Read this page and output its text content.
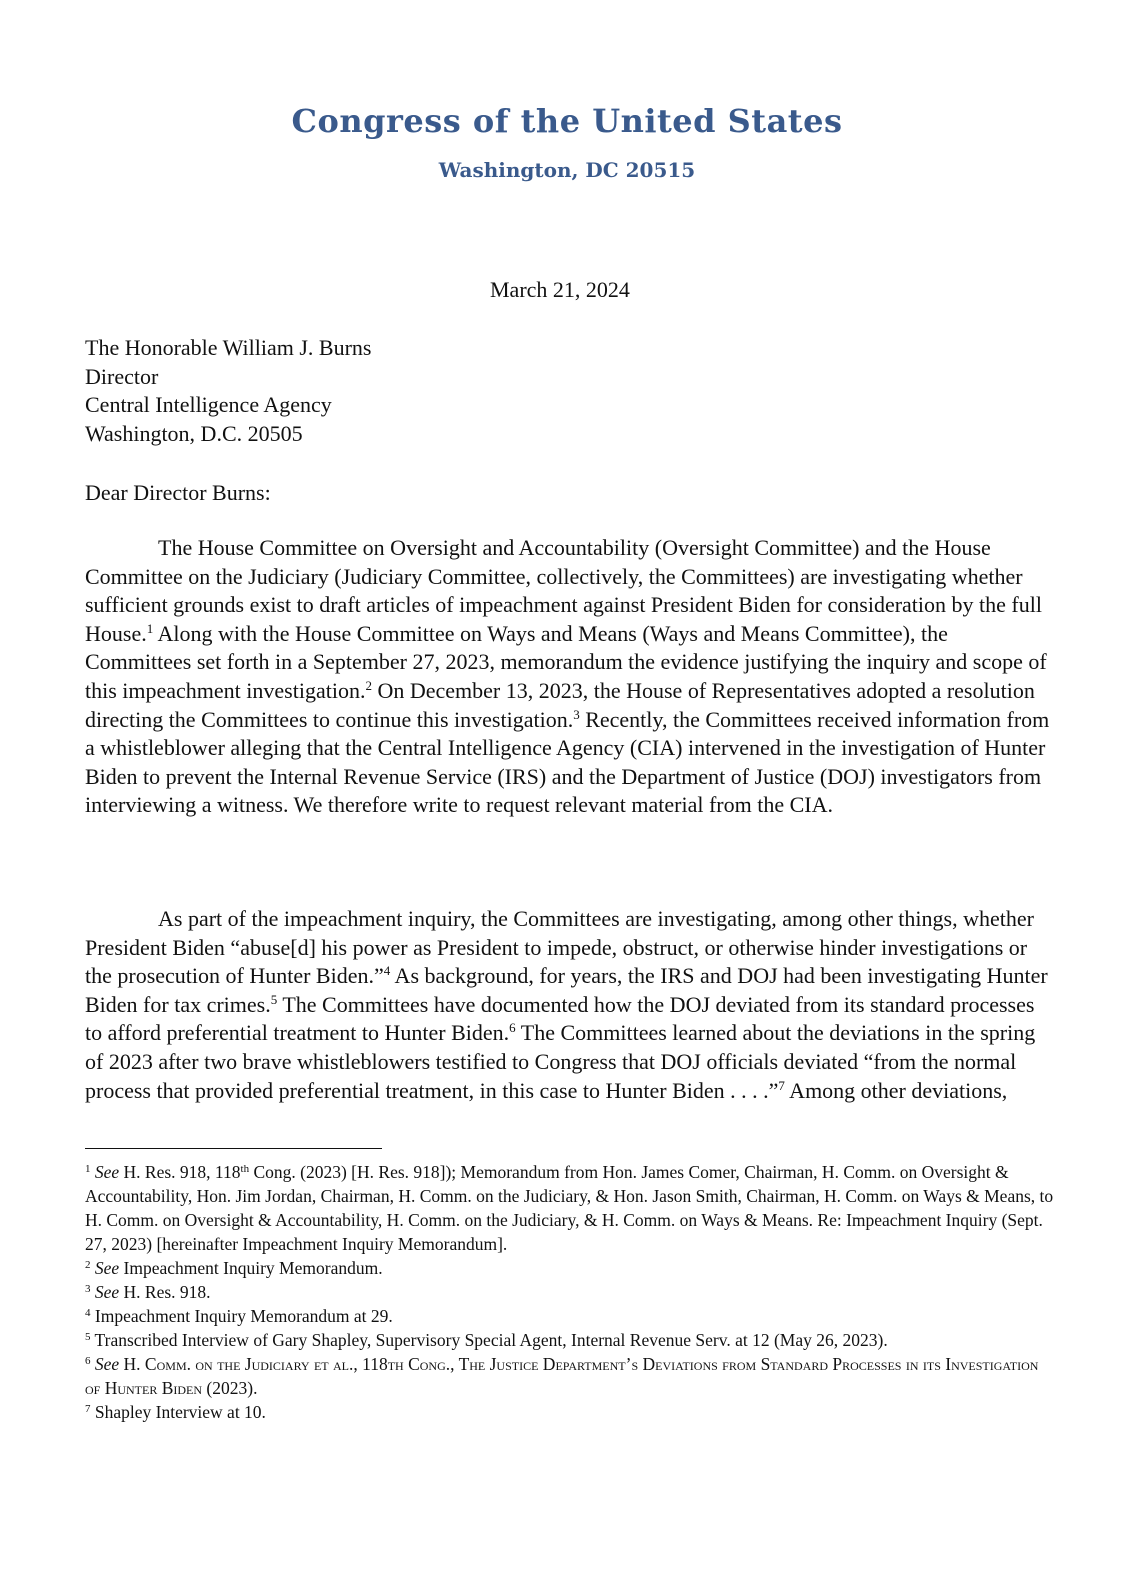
Congress of the United States
Washington, DC 20515
March 21, 2024
The Honorable William J. Burns
Director
Central Intelligence Agency
Washington, D.C. 20505
Dear Director Burns:

The House Committee on Oversight and Accountability (Oversight Committee) and the House Committee on the Judiciary (Judiciary Committee, collectively, the Committees) are investigating whether sufficient grounds exist to draft articles of impeachment against President Biden for consideration by the full House.$^1$ Along with the House Committee on Ways and Means (Ways and Means Committee), the Committees set forth in a September 27, 2023, memorandum the evidence justifying the inquiry and scope of this impeachment investigation.$^2$ On December 13, 2023, the House of Representatives adopted a resolution directing the Committees to continue this investigation.$^3$ Recently, the Committees received information from a whistleblower alleging that the Central Intelligence Agency (CIA) intervened in the investigation of Hunter Biden to prevent the Internal Revenue Service (IRS) and the Department of Justice (DOJ) investigators from interviewing a witness. We therefore write to request relevant material from the CIA.

As part of the impeachment inquiry, the Committees are investigating, among other things, whether President Biden “abuse[d] his power as President to impede, obstruct, or otherwise hinder investigations or the prosecution of Hunter Biden.”$^4$ As background, for years, the IRS and DOJ had been investigating Hunter Biden for tax crimes.$^5$ The Committees have documented how the DOJ deviated from its standard processes to afford preferential treatment to Hunter Biden.$^6$ The Committees learned about the deviations in the spring of 2023 after two brave whistleblowers testified to Congress that DOJ officials deviated “from the normal process that provided preferential treatment, in this case to Hunter Biden . . . .”$^7$ Among other deviations,

$^1$ See H. Res. 918, 118th Cong. (2023) [H. Res. 918]); Memorandum from Hon. James Comer, Chairman, H. Comm. on Oversight & Accountability, Hon. Jim Jordan, Chairman, H. Comm. on the Judiciary, & Hon. Jason Smith, Chairman, H. Comm. on Ways & Means, to H. Comm. on Oversight & Accountability, H. Comm. on the Judiciary, & H. Comm. on Ways & Means. Re: Impeachment Inquiry (Sept. 27, 2023) [hereinafter Impeachment Inquiry Memorandum].

$^2$ See Impeachment Inquiry Memorandum.

$^3$ See H. Res. 918.

$^4$ Impeachment Inquiry Memorandum at 29.

$^5$ Transcribed Interview of Gary Shapley, Supervisory Special Agent, Internal Revenue Serv. at 12 (May 26, 2023).

$^6$ See H. Comm. on the Judiciary et al., 118th Cong., The Justice Department’s Deviations from Standard Processes in its Investigation of Hunter Biden (2023).

$^7$ Shapley Interview at 10.
